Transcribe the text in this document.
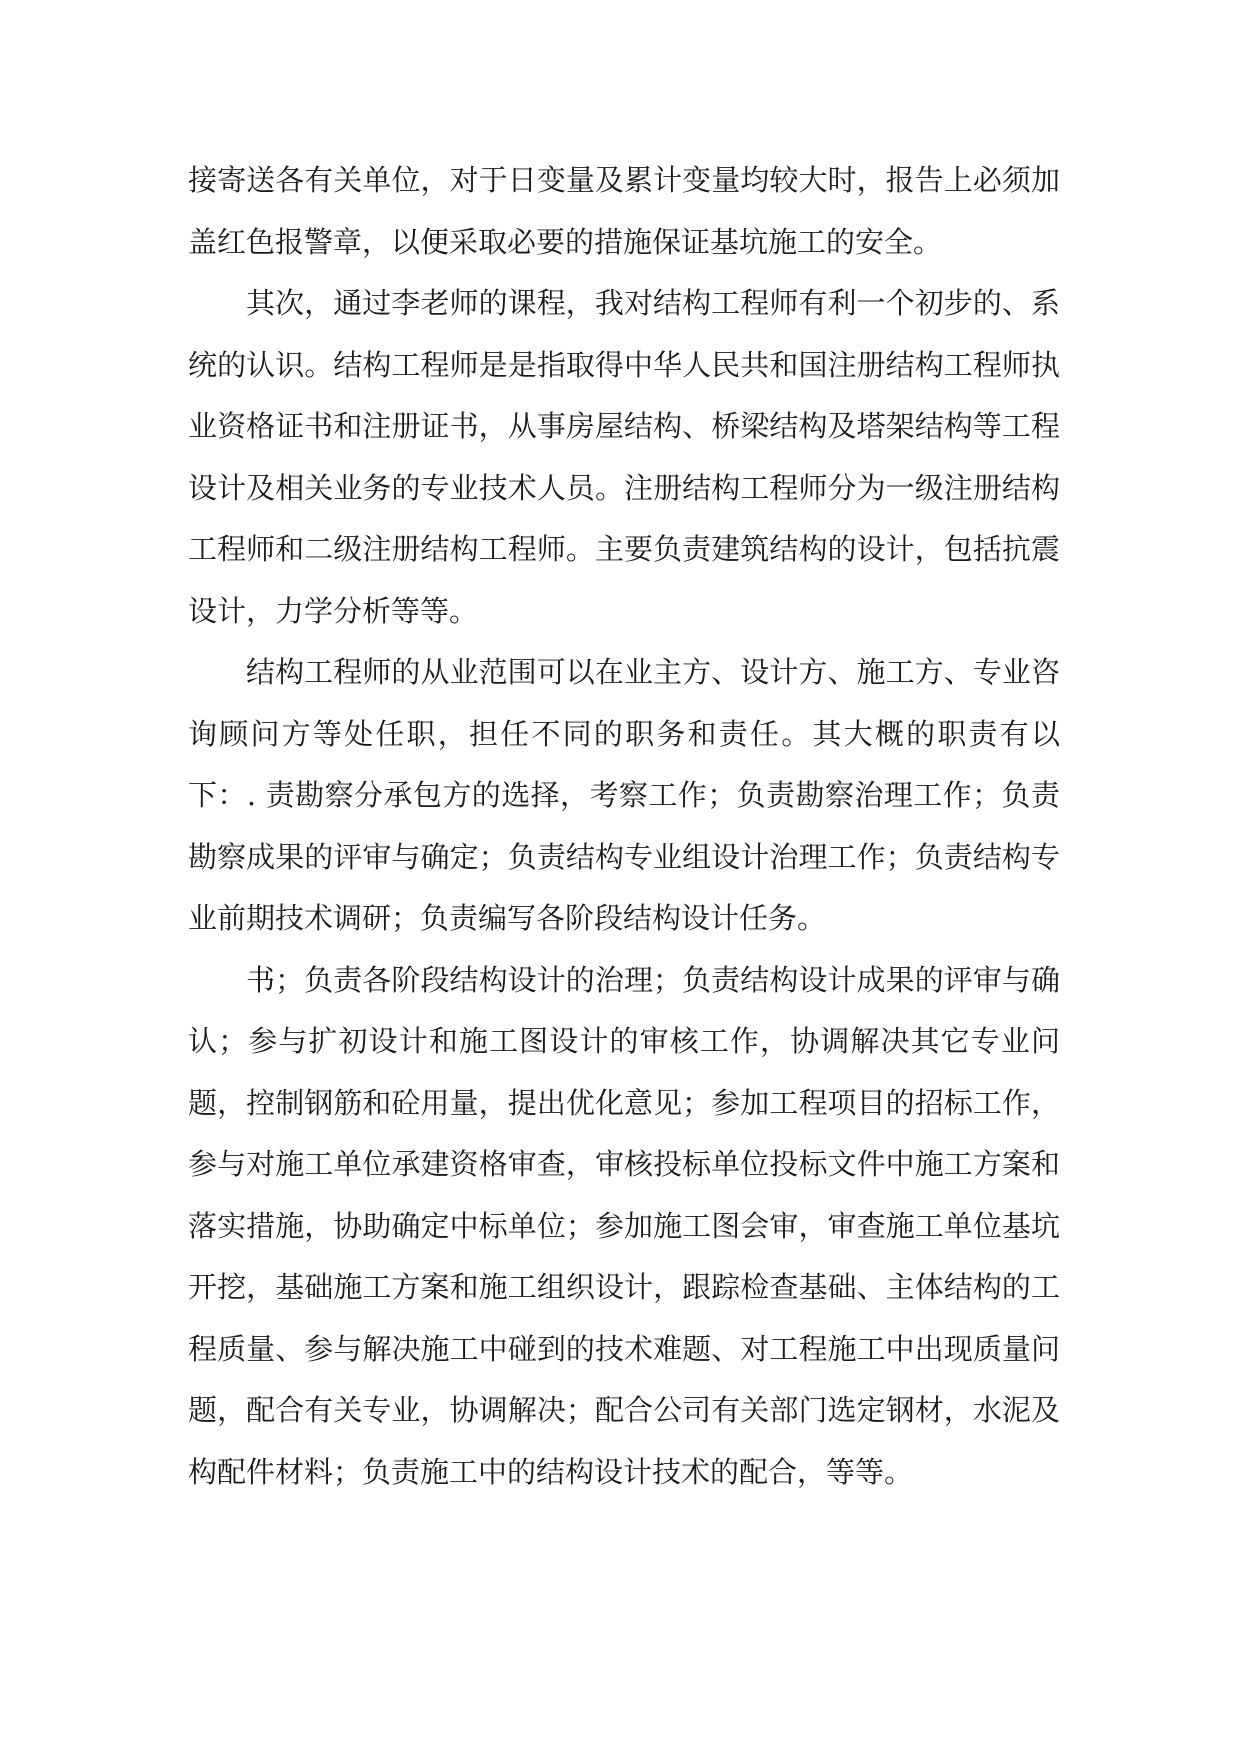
接寄送各有关单位，对于日变量及累计变量均较大时，报告上必须加盖红色报警章，以便采取必要的措施保证基坑施工的安全。

其次，通过李老师的课程，我对结构工程师有利一个初步的、系统的认识。结构工程师是是指取得中华人民共和国注册结构工程师执业资格证书和注册证书，从事房屋结构、桥梁结构及塔架结构等工程设计及相关业务的专业技术人员。注册结构工程师分为一级注册结构工程师和二级注册结构工程师。主要负责建筑结构的设计，包括抗震设计，力学分析等等。

结构工程师的从业范围可以在业主方、设计方、施工方、专业咨询顾问方等处任职，担任不同的职务和责任。其大概的职责有以下：. 责勘察分承包方的选择，考察工作；负责勘察治理工作；负责勘察成果的评审与确定；负责结构专业组设计治理工作；负责结构专业前期技术调研；负责编写各阶段结构设计任务。

书；负责各阶段结构设计的治理；负责结构设计成果的评审与确认；参与扩初设计和施工图设计的审核工作，协调解决其它专业问题，控制钢筋和砼用量，提出优化意见；参加工程项目的招标工作，参与对施工单位承建资格审查，审核投标单位投标文件中施工方案和落实措施，协助确定中标单位；参加施工图会审，审查施工单位基坑开挖，基础施工方案和施工组织设计，跟踪检查基础、主体结构的工程质量、参与解决施工中碰到的技术难题、对工程施工中出现质量问题，配合有关专业，协调解决；配合公司有关部门选定钢材，水泥及构配件材料；负责施工中的结构设计技术的配合，等等。
